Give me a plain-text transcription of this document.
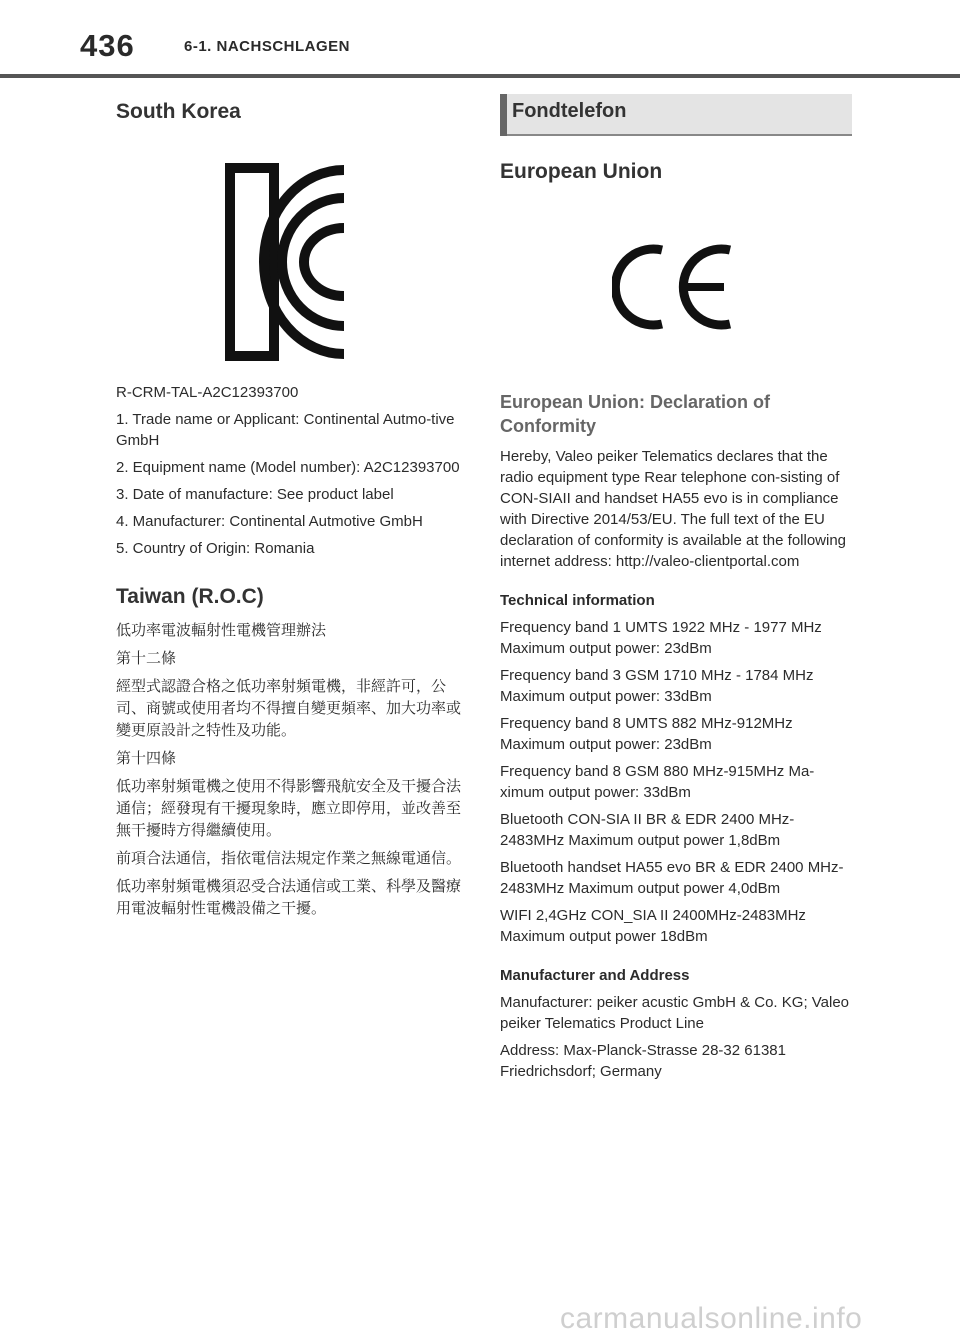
436	6-1. NACHSCHLAGEN
South Korea

R-CRM-TAL-A2C12393700

1. Trade name or Applicant: Continental Autmo-tive GmbH

2. Equipment name (Model number): A2C12393700

3. Date of manufacture: See product label

4. Manufacturer: Continental Autmotive GmbH

5. Country of Origin: Romania

Taiwan (R.O.C)

低功率電波輻射性電機管理辦法

第十二條

經型式認證合格之低功率射頻電機，非經許可，公司、商號或使用者均不得擅自變更頻率、加大功率或變更原設計之特性及功能。

第十四條

低功率射頻電機之使用不得影響飛航安全及干擾合法通信；經發現有干擾現象時，應立即停用，並改善至無干擾時方得繼續使用。

前項合法通信，指依電信法規定作業之無線電通信。

低功率射頻電機須忍受合法通信或工業、科學及醫療用電波輻射性電機設備之干擾。

Fondtelefon
European Union
European Union: Declaration of Conformity

Hereby, Valeo peiker Telematics declares that the radio equipment type Rear telephone con-sisting of CON-SIAII and handset HA55 evo is in compliance with Directive 2014/53/EU. The full text of the EU declaration of conformity is available at the following internet address: http://valeo-clientportal.com

Technical information

Frequency band 1 UMTS 1922 MHz - 1977 MHz Maximum output power: 23dBm

Frequency band 3 GSM 1710 MHz - 1784 MHz Maximum output power: 33dBm

Frequency band 8 UMTS 882 MHz-912MHz Maximum output power: 23dBm

Frequency band 8 GSM 880 MHz-915MHz Ma-ximum output power: 33dBm

Bluetooth CON-SIA II BR & EDR 2400 MHz-2483MHz Maximum output power 1,8dBm

Bluetooth handset HA55 evo BR & EDR 2400 MHz-2483MHz Maximum output power 4,0dBm

WIFI 2,4GHz CON_SIA II 2400MHz-2483MHz Maximum output power 18dBm

Manufacturer and Address

Manufacturer: peiker acustic GmbH & Co. KG; Valeo peiker Telematics Product Line

Address: Max-Planck-Strasse 28-32 61381 Friedrichsdorf; Germany

carmanualsonline.info
